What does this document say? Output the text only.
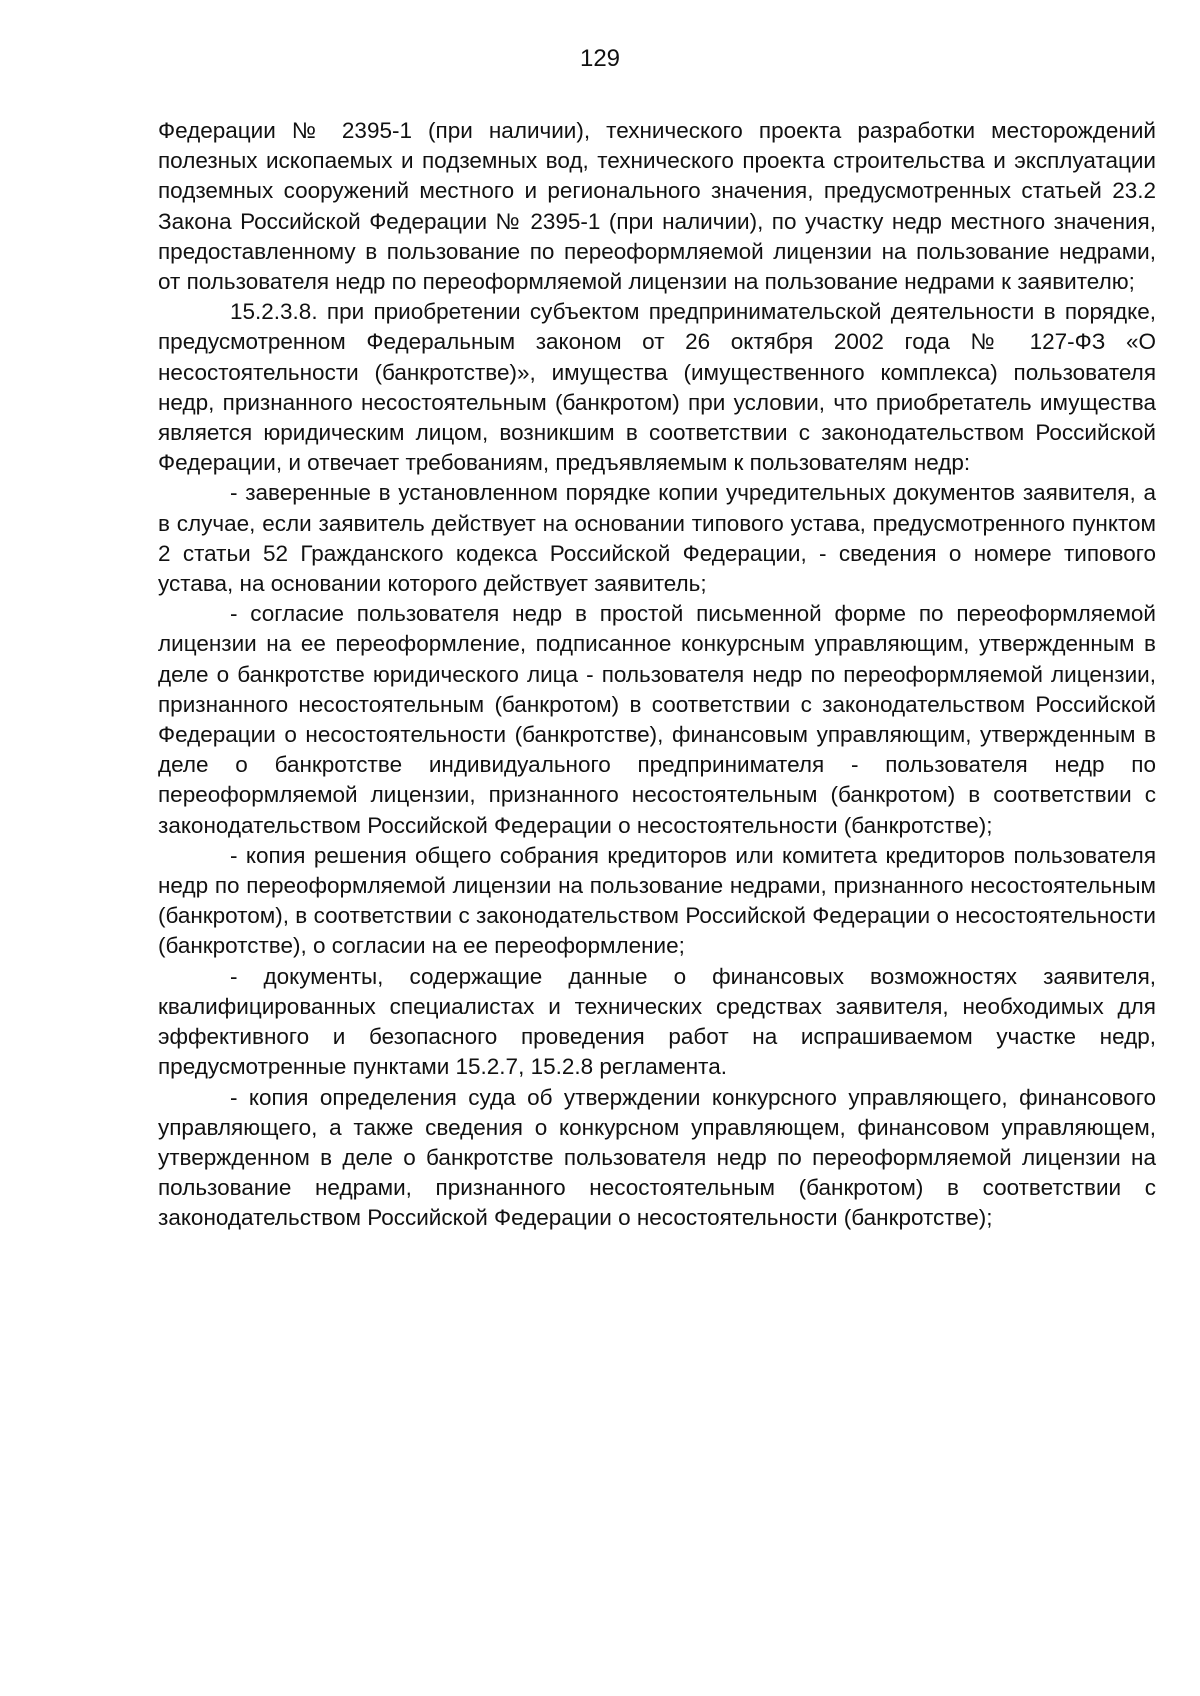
129

Федерации № 2395-1 (при наличии), технического проекта разработки месторождений полезных ископаемых и подземных вод, технического проекта строительства и эксплуатации подземных сооружений местного и регионального значения, предусмотренных статьей 23.2 Закона Российской Федерации № 2395-1 (при наличии), по участку недр местного значения, предоставленному в пользование по переоформляемой лицензии на пользование недрами, от пользователя недр по переоформляемой лицензии на пользование недрами к заявителю;

15.2.3.8. при приобретении субъектом предпринимательской деятельности в порядке, предусмотренном Федеральным законом от 26 октября 2002 года № 127-ФЗ «О несостоятельности (банкротстве)», имущества (имущественного комплекса) пользователя недр, признанного несостоятельным (банкротом) при условии, что приобретатель имущества является юридическим лицом, возникшим в соответствии с законодательством Российской Федерации, и отвечает требованиям, предъявляемым к пользователям недр:

- заверенные в установленном порядке копии учредительных документов заявителя, а в случае, если заявитель действует на основании типового устава, предусмотренного пунктом 2 статьи 52 Гражданского кодекса Российской Федерации, - сведения о номере типового устава, на основании которого действует заявитель;

- согласие пользователя недр в простой письменной форме по переоформляемой лицензии на ее переоформление, подписанное конкурсным управляющим, утвержденным в деле о банкротстве юридического лица - пользователя недр по переоформляемой лицензии, признанного несостоятельным (банкротом) в соответствии с законодательством Российской Федерации о несостоятельности (банкротстве), финансовым управляющим, утвержденным в деле о банкротстве индивидуального предпринимателя - пользователя недр по переоформляемой лицензии, признанного несостоятельным (банкротом) в соответствии с законодательством Российской Федерации о несостоятельности (банкротстве);

- копия решения общего собрания кредиторов или комитета кредиторов пользователя недр по переоформляемой лицензии на пользование недрами, признанного несостоятельным (банкротом), в соответствии с законодательством Российской Федерации о несостоятельности (банкротстве), о согласии на ее переоформление;

- документы, содержащие данные о финансовых возможностях заявителя, квалифицированных специалистах и технических средствах заявителя, необходимых для эффективного и безопасного проведения работ на испрашиваемом участке недр, предусмотренные пунктами 15.2.7, 15.2.8 регламента.

- копия определения суда об утверждении конкурсного управляющего, финансового управляющего, а также сведения о конкурсном управляющем, финансовом управляющем, утвержденном в деле о банкротстве пользователя недр по переоформляемой лицензии на пользование недрами, признанного несостоятельным (банкротом) в соответствии с законодательством Российской Федерации о несостоятельности (банкротстве);
